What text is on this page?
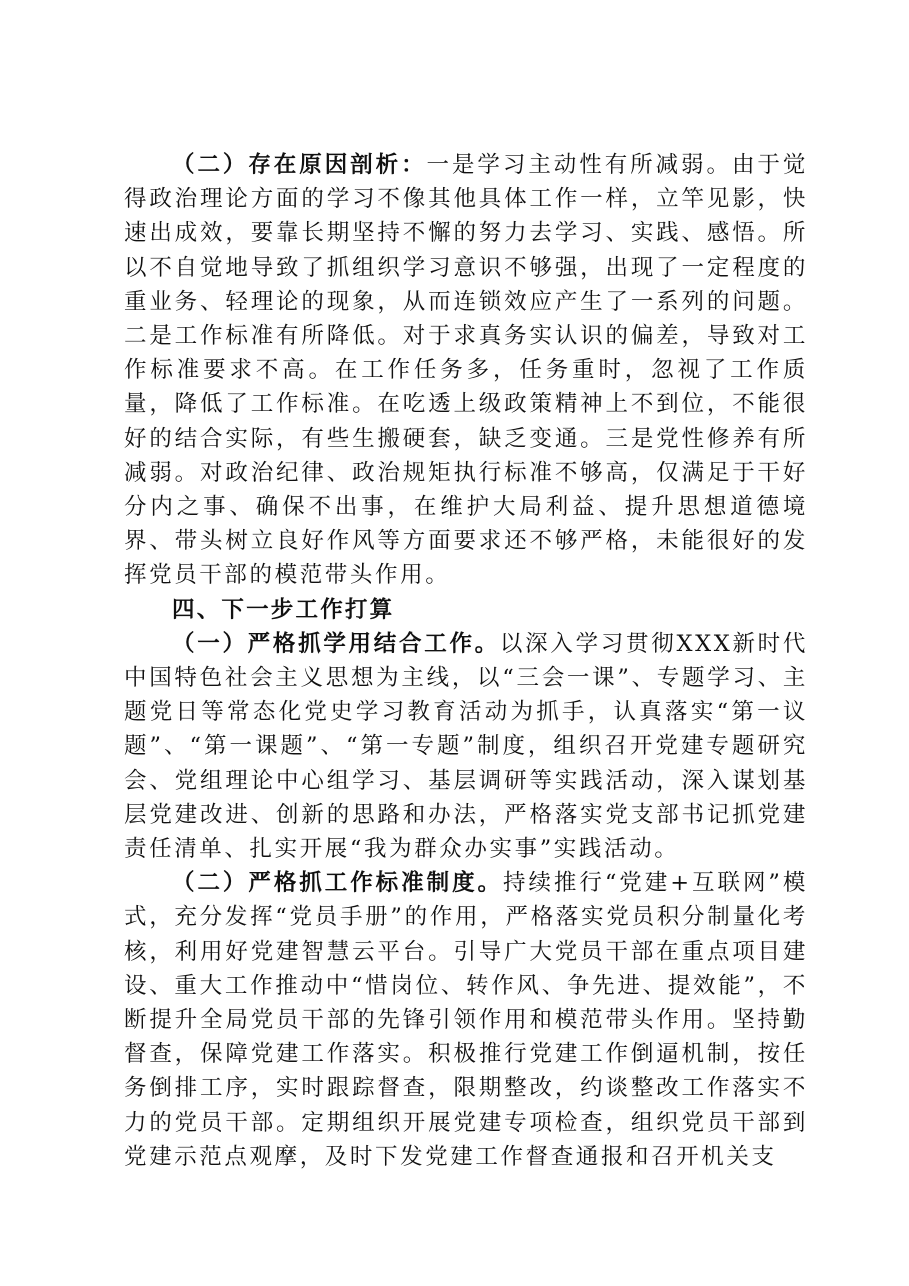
（二）存在原因剖析：一是学习主动性有所减弱。由于觉得政治理论方面的学习不像其他具体工作一样，立竿见影，快速出成效，要靠长期坚持不懈的努力去学习、实践、感悟。所以不自觉地导致了抓组织学习意识不够强，出现了一定程度的重业务、轻理论的现象，从而连锁效应产生了一系列的问题。二是工作标准有所降低。对于求真务实认识的偏差，导致对工作标准要求不高。在工作任务多，任务重时，忽视了工作质量，降低了工作标准。在吃透上级政策精神上不到位，不能很好的结合实际，有些生搬硬套，缺乏变通。三是党性修养有所减弱。对政治纪律、政治规矩执行标准不够高，仅满足于干好分内之事、确保不出事，在维护大局利益、提升思想道德境界、带头树立良好作风等方面要求还不够严格，未能很好的发挥党员干部的模范带头作用。

四、下一步工作打算

（一）严格抓学用结合工作。以深入学习贯彻XXX新时代中国特色社会主义思想为主线，以“三会一课”、专题学习、主题党日等常态化党史学习教育活动为抓手，认真落实“第一议题”、“第一课题”、“第一专题”制度，组织召开党建专题研究会、党组理论中心组学习、基层调研等实践活动，深入谋划基层党建改进、创新的思路和办法，严格落实党支部书记抓党建责任清单、扎实开展“我为群众办实事”实践活动。

（二）严格抓工作标准制度。持续推行“党建+互联网”模式，充分发挥“党员手册”的作用，严格落实党员积分制量化考核，利用好党建智慧云平台。引导广大党员干部在重点项目建设、重大工作推动中“惜岗位、转作风、争先进、提效能”，不断提升全局党员干部的先锋引领作用和模范带头作用。坚持勤督查，保障党建工作落实。积极推行党建工作倒逼机制，按任务倒排工序，实时跟踪督查，限期整改，约谈整改工作落实不力的党员干部。定期组织开展党建专项检查，组织党员干部到党建示范点观摩，及时下发党建工作督查通报和召开机关支
